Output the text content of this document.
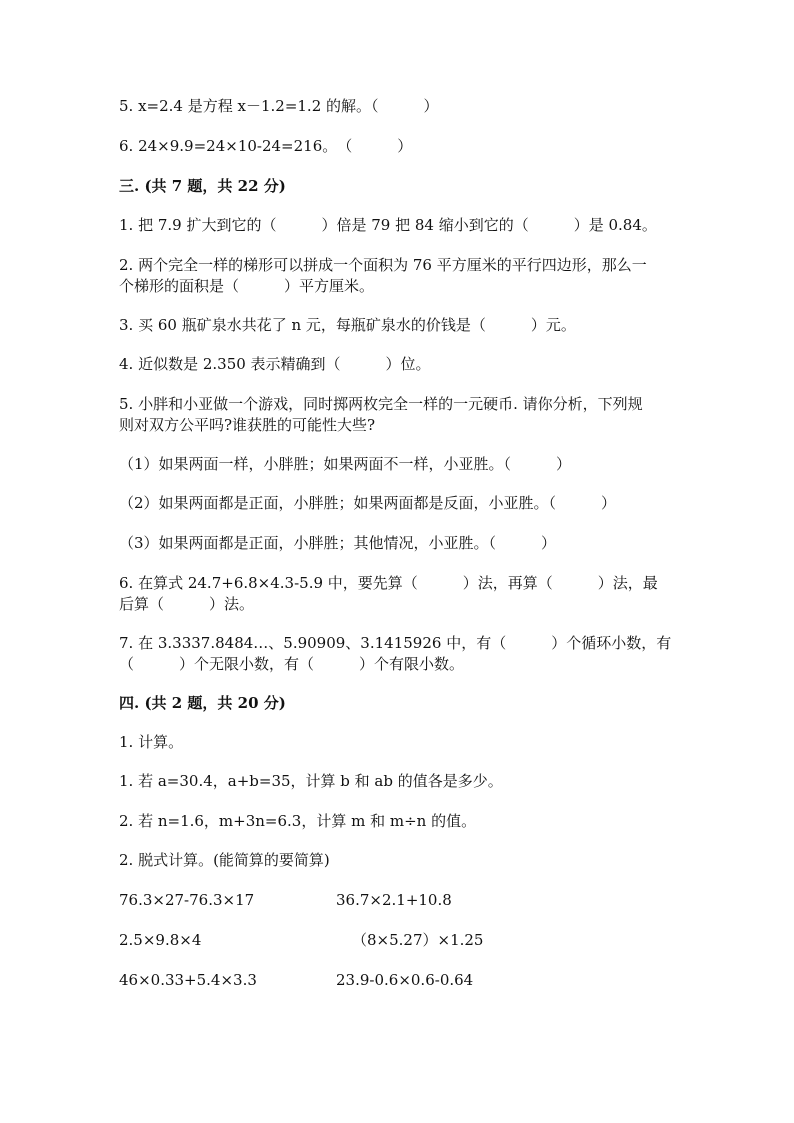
5. x=2.4 是方程 x－1.2=1.2 的解。（　　　）
6. 24×9.9=24×10-24=216。　（　　　）
三. (共 7 题，共 22 分)
1. 把 7.9 扩大到它的（　　　）倍是 79 把 84 缩小到它的（　　　）是 0.84。
2. 两个完全一样的梯形可以拼成一个面积为 76 平方厘米的平行四边形，那么一
个梯形的面积是（　　　）平方厘米。
3. 买 60 瓶矿泉水共花了 n 元，每瓶矿泉水的价钱是（　　　）元。
4. 近似数是 2.350 表示精确到（　　　）位。
5. 小胖和小亚做一个游戏，同时掷两枚完全一样的一元硬币. 请你分析，下列规
则对双方公平吗?谁获胜的可能性大些?
（1）如果两面一样，小胖胜；如果两面不一样，小亚胜。（　　　）
（2）如果两面都是正面，小胖胜；如果两面都是反面，小亚胜。（　　　）
（3）如果两面都是正面，小胖胜；其他情况，小亚胜。（　　　）
6. 在算式 24.7+6.8×4.3-5.9 中，要先算（　　　）法，再算（　　　）法，最
后算（　　　）法。
7. 在 3.3337.8484…、5.90909、3.1415926 中，有（　　　）个循环小数，有
（　　　）个无限小数，有（　　　）个有限小数。
四. (共 2 题，共 20 分)
1. 计算。
1. 若 a=30.4，a+b=35，计算 b 和 ab 的值各是多少。
2. 若 n=1.6，m+3n=6.3，计算 m 和 m÷n 的值。
2. 脱式计算。(能简算的要简算)
76.3×27-76.3×17	36.7×2.1+10.8
2.5×9.8×4	（8×5.27）×1.25
46×0.33+5.4×3.3	23.9-0.6×0.6-0.64
